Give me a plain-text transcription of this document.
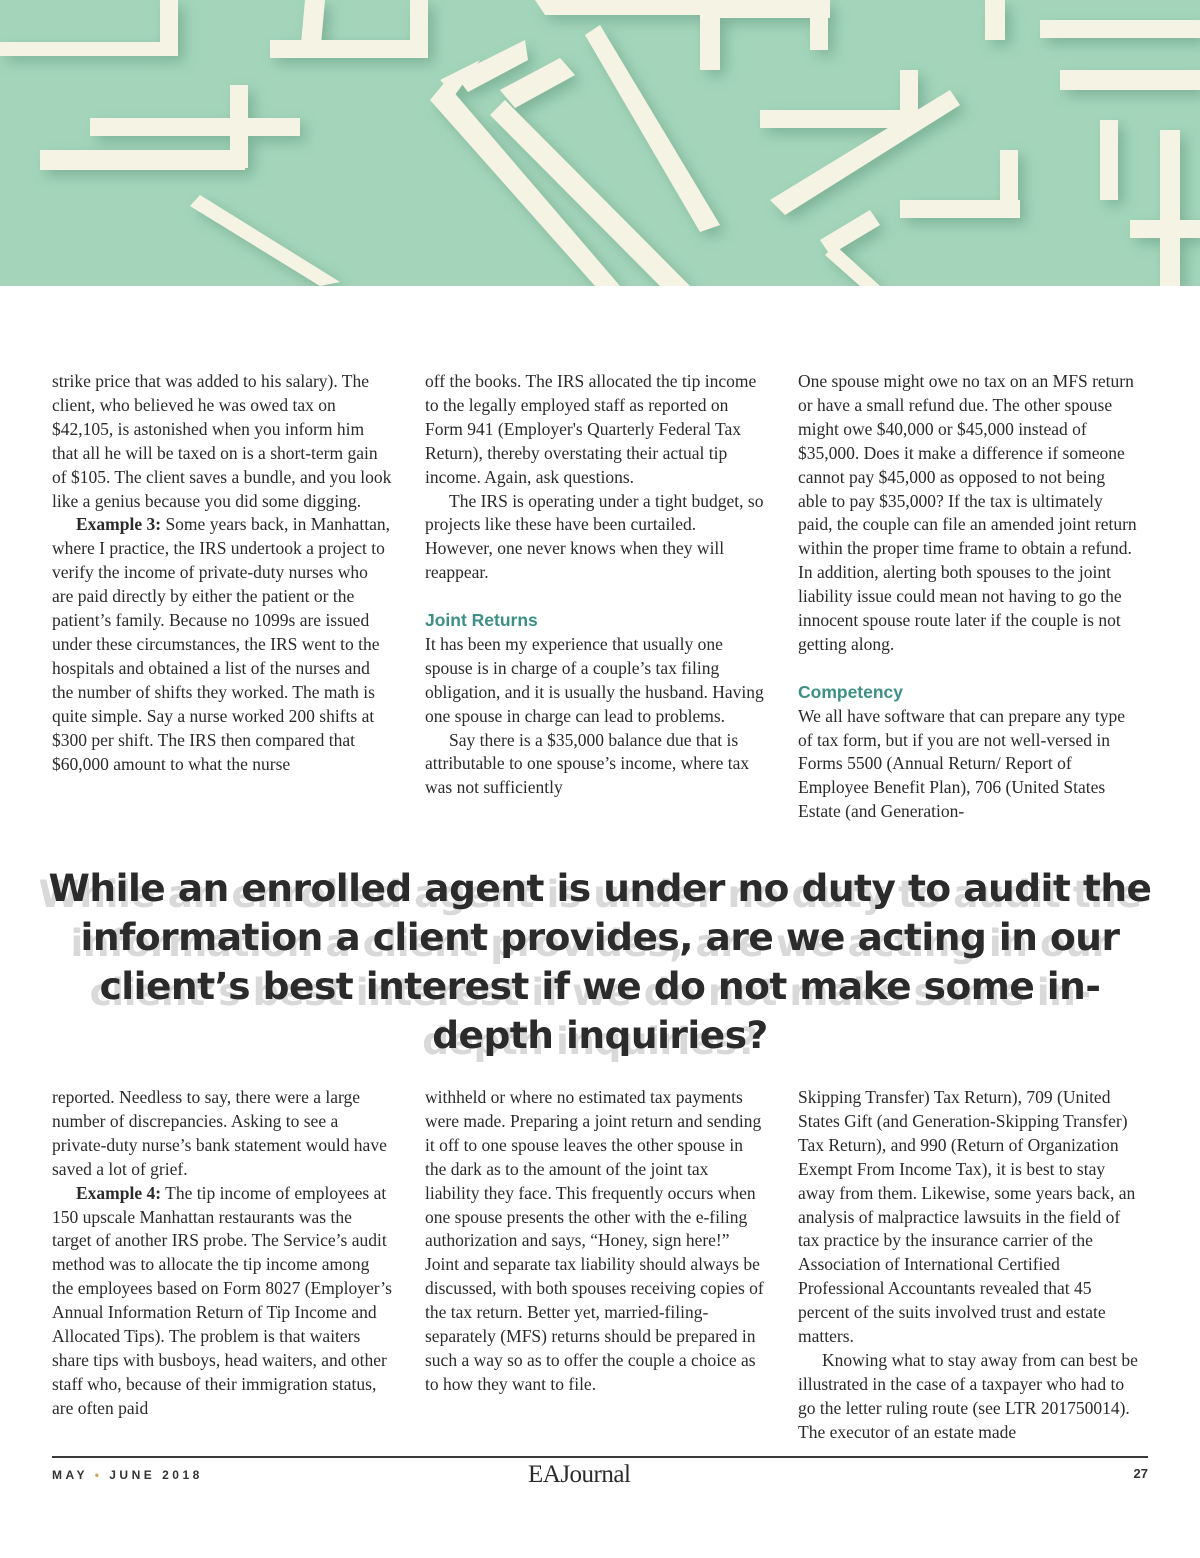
strike price that was added to his salary). The client, who believed he was owed tax on $42,105, is astonished when you inform him that all he will be taxed on is a short-term gain of $105. The client saves a bundle, and you look like a genius because you did some digging.

Example 3: Some years back, in Manhattan, where I practice, the IRS undertook a project to verify the income of private-duty nurses who are paid directly by either the patient or the patient’s family. Because no 1099s are issued under these circumstances, the IRS went to the hospitals and obtained a list of the nurses and the number of shifts they worked. The math is quite simple. Say a nurse worked 200 shifts at $300 per shift. The IRS then compared that $60,000 amount to what the nurse

off the books. The IRS allocated the tip income to the legally employed staff as reported on Form 941 (Employer's Quarterly Federal Tax Return), thereby overstating their actual tip income. Again, ask questions.

The IRS is operating under a tight budget, so projects like these have been curtailed. However, one never knows when they will reappear.

Joint Returns

It has been my experience that usually one spouse is in charge of a couple’s tax filing obligation, and it is usually the husband. Having one spouse in charge can lead to problems.

Say there is a $35,000 balance due that is attributable to one spouse’s income, where tax was not sufficiently

One spouse might owe no tax on an MFS return or have a small refund due. The other spouse might owe $40,000 or $45,000 instead of $35,000. Does it make a difference if someone cannot pay $45,000 as opposed to not being able to pay $35,000? If the tax is ultimately paid, the couple can file an amended joint return within the proper time frame to obtain a refund. In addition, alerting both spouses to the joint liability issue could mean not having to go the innocent spouse route later if the couple is not getting along.

Competency

We all have software that can prepare any type of tax form, but if you are not well-versed in Forms 5500 (Annual Return/ Report of Employee Benefit Plan), 706 (United States Estate (and Generation-

While an enrolled agent is under no duty to audit the information a client provides, are we acting in our client’s best interest if we do not make some in-depth inquiries?

reported. Needless to say, there were a large number of discrepancies. Asking to see a private-duty nurse’s bank statement would have saved a lot of grief.

Example 4: The tip income of employees at 150 upscale Manhattan restaurants was the target of another IRS probe. The Service’s audit method was to allocate the tip income among the employees based on Form 8027 (Employer’s Annual Information Return of Tip Income and Allocated Tips). The problem is that waiters share tips with busboys, head waiters, and other staff who, because of their immigration status, are often paid

withheld or where no estimated tax payments were made. Preparing a joint return and sending it off to one spouse leaves the other spouse in the dark as to the amount of the joint tax liability they face. This frequently occurs when one spouse presents the other with the e-filing authorization and says, “Honey, sign here!” Joint and separate tax liability should always be discussed, with both spouses receiving copies of the tax return. Better yet, married-filing-separately (MFS) returns should be prepared in such a way so as to offer the couple a choice as to how they want to file.

Skipping Transfer) Tax Return), 709 (United States Gift (and Generation-Skipping Transfer) Tax Return), and 990 (Return of Organization Exempt From Income Tax), it is best to stay away from them. Likewise, some years back, an analysis of malpractice lawsuits in the field of tax practice by the insurance carrier of the Association of International Certified Professional Accountants revealed that 45 percent of the suits involved trust and estate matters.

Knowing what to stay away from can best be illustrated in the case of a taxpayer who had to go the letter ruling route (see LTR 201750014). The executor of an estate made

MAY • JUNE 2018	EAJournal	27
